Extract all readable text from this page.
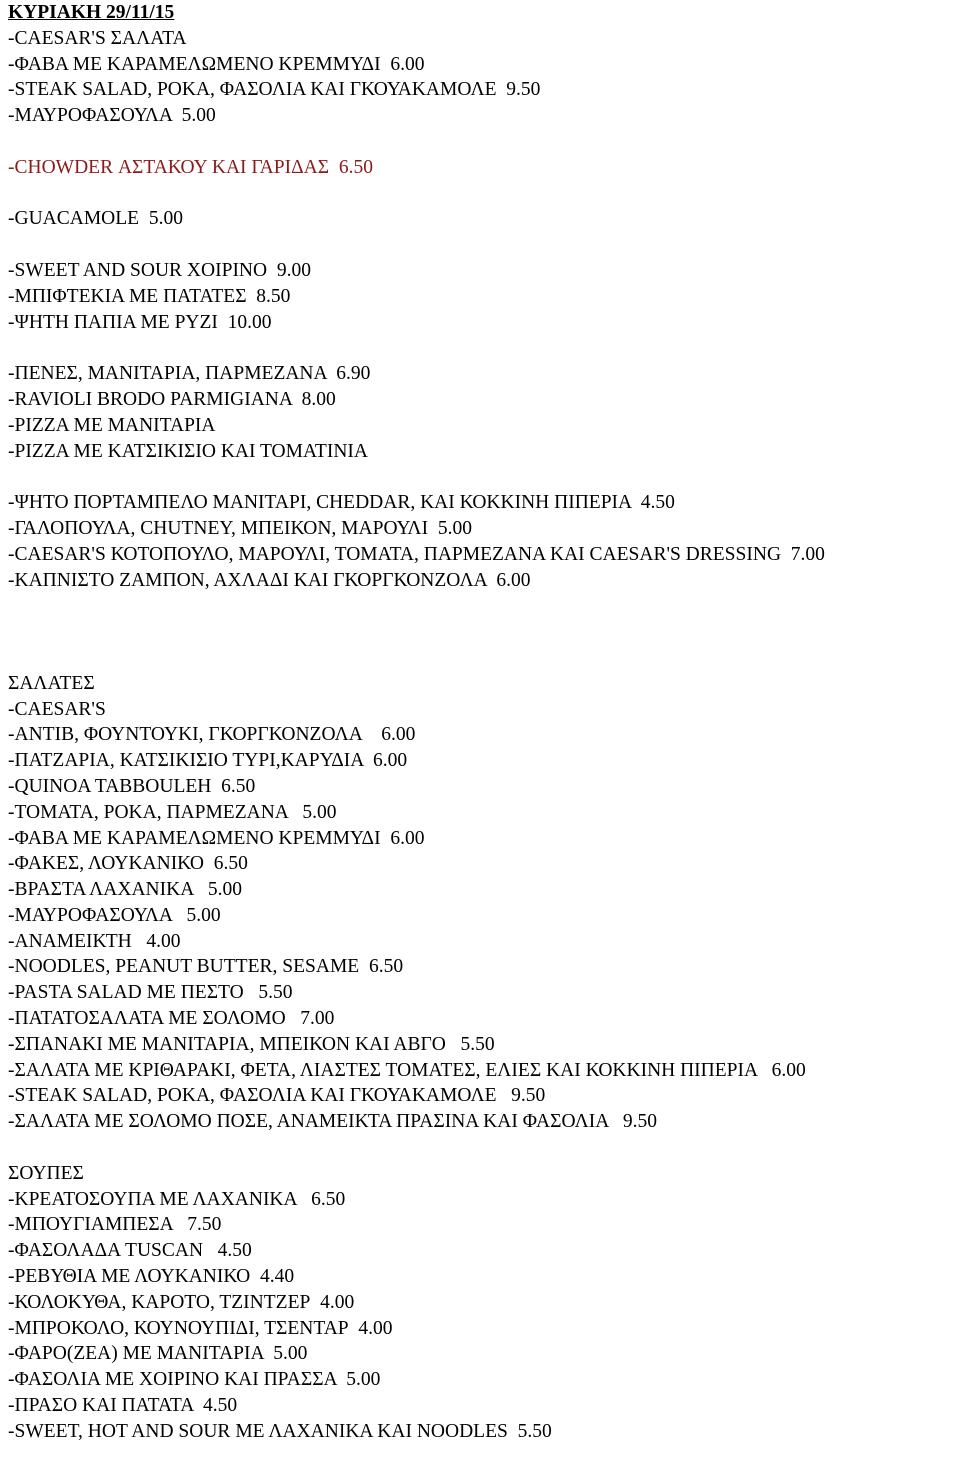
ΚΥΡΙΑΚΗ 29/11/15
-CAESAR'S ΣΑΛΑΤΑ
-ΦΑΒΑ ΜΕ ΚΑΡΑΜΕΛΩΜΕΝΟ ΚΡΕΜΜΥΔΙ  6.00
-STEAK SALAD, ΡΟΚΑ, ΦΑΣΟΛΙΑ ΚΑΙ ΓΚΟΥΑΚΑΜΟΛΕ  9.50
-ΜΑΥΡΟΦΑΣΟΥΛΑ  5.00
-CHOWDER ΑΣΤΑΚΟΥ ΚΑΙ ΓΑΡΙΔΑΣ  6.50
-GUACAMOLE  5.00
-SWEET AND SOUR ΧΟΙΡΙΝΟ  9.00
-ΜΠΙΦΤΕΚΙΑ ΜΕ ΠΑΤΑΤΕΣ  8.50
-ΨΗΤΗ ΠΑΠΙΑ ΜΕ ΡΥΖΙ  10.00
-ΠΕΝΕΣ, ΜΑΝΙΤΑΡΙΑ, ΠΑΡΜΕΖΑΝΑ  6.90
-RAVIOLI BRODO PARMIGIANA  8.00
-PIZZA ΜΕ ΜΑΝΙΤΑΡΙΑ
-PIZZA ΜΕ ΚΑΤΣΙΚΙΣΙΟ ΚΑΙ ΤΟΜΑΤΙΝΙΑ
-ΨΗΤΟ ΠΟΡΤΑΜΠΕΛΟ ΜΑΝΙΤΑΡΙ, CHEDDAR, ΚΑΙ ΚΟΚΚΙΝΗ ΠΙΠΕΡΙΑ  4.50
-ΓΑΛΟΠΟΥΛΑ, CHUTNEY, ΜΠΕΙΚΟΝ, ΜΑΡΟΥΛΙ  5.00
-CAESAR'S ΚΟΤΟΠΟΥΛΟ, ΜΑΡΟΥΛΙ, ΤΟΜΑΤΑ, ΠΑΡΜΕΖΑΝΑ ΚΑΙ CAESAR'S DRESSING  7.00
-ΚΑΠΝΙΣΤΟ ΖΑΜΠΟΝ, ΑΧΛΑΔΙ ΚΑΙ ΓΚΟΡΓΚΟΝΖΟΛΑ  6.00
ΣΑΛΑΤΕΣ
-CAESAR'S
-ΑΝΤΙΒ, ΦΟΥΝΤΟΥΚΙ, ΓΚΟΡΓΚΟΝΖΟΛΑ    6.00
-ΠΑΤΖΑΡΙΑ, ΚΑΤΣΙΚΙΣΙΟ ΤΥΡΙ,ΚΑΡΥΔΙΑ  6.00
-QUINOA TABBOULEH  6.50
-ΤΟΜΑΤΑ, ΡΟΚΑ, ΠΑΡΜΕΖΑΝΑ   5.00
-ΦΑΒΑ ΜΕ ΚΑΡΑΜΕΛΩΜΕΝΟ ΚΡΕΜΜΥΔΙ  6.00
-ΦΑΚΕΣ, ΛΟΥΚΑΝΙΚΟ  6.50
-ΒΡΑΣΤΑ ΛΑΧΑΝΙΚΑ   5.00
-ΜΑΥΡΟΦΑΣΟΥΛΑ   5.00
-ΑΝΑΜΕΙΚΤΗ   4.00
-NOODLES, PEANUT BUTTER, SESAME  6.50
-PASTA SALAD ΜΕ ΠΕΣΤΟ   5.50
-ΠΑΤΑΤΟΣΑΛΑΤΑ ΜΕ ΣΟΛΟΜΟ   7.00
-ΣΠΑΝΑΚΙ ΜΕ ΜΑΝΙΤΑΡΙΑ, ΜΠΕΙΚΟΝ ΚΑΙ ΑΒΓΟ   5.50
-ΣΑΛΑΤΑ ΜΕ ΚΡΙΘΑΡΑΚΙ, ΦΕΤΑ, ΛΙΑΣΤΕΣ ΤΟΜΑΤΕΣ, ΕΛΙΕΣ ΚΑΙ ΚΟΚΚΙΝΗ ΠΙΠΕΡΙΑ   6.00
-STEAK SALAD, ΡΟΚΑ, ΦΑΣΟΛΙΑ ΚΑΙ ΓΚΟΥΑΚΑΜΟΛΕ   9.50
-ΣΑΛΑΤΑ ΜΕ ΣΟΛΟΜΟ ΠΟΣΕ, ΑΝΑΜΕΙΚΤΑ ΠΡΑΣΙΝΑ ΚΑΙ ΦΑΣΟΛΙΑ   9.50
ΣΟΥΠΕΣ
-ΚΡΕΑΤΟΣΟΥΠΑ ΜΕ ΛΑΧΑΝΙΚΑ   6.50
-ΜΠΟΥΓΙΑΜΠΕΣΑ   7.50
-ΦΑΣΟΛΑΔΑ TUSCAN   4.50
-ΡΕΒΥΘΙΑ ΜΕ ΛΟΥΚΑΝΙΚΟ  4.40
-ΚΟΛΟΚΥΘΑ, ΚΑΡΟΤΟ, ΤΖΙΝΤΖΕΡ  4.00
-ΜΠΡΟΚΟΛΟ, ΚΟΥΝΟΥΠΙΔΙ, ΤΣΕΝΤΑΡ  4.00
-ΦΑΡΟ(ΖΕΑ) ΜΕ ΜΑΝΙΤΑΡΙΑ  5.00
-ΦΑΣΟΛΙΑ ΜΕ ΧΟΙΡΙΝΟ ΚΑΙ ΠΡΑΣΣΑ  5.00
-ΠΡΑΣΟ ΚΑΙ ΠΑΤΑΤΑ  4.50
-SWEET, HOT AND SOUR ΜΕ ΛΑΧΑΝΙΚΑ ΚΑΙ NOODLES  5.50
